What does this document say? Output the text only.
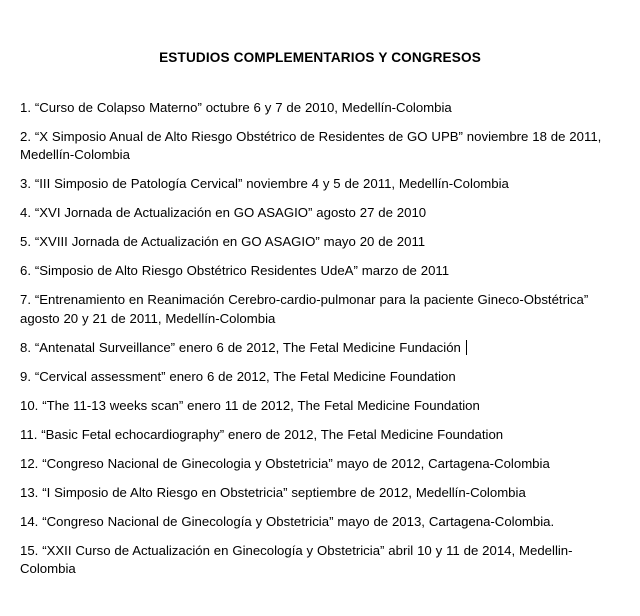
ESTUDIOS COMPLEMENTARIOS Y CONGRESOS

1. “Curso de Colapso Materno” octubre 6 y 7 de 2010, Medellín-Colombia

2. “X Simposio Anual de Alto Riesgo Obstétrico de Residentes de GO UPB” noviembre 18 de 2011, Medellín-Colombia

3. “III Simposio de Patología Cervical” noviembre 4 y 5 de 2011, Medellín-Colombia

4. “XVI Jornada de Actualización en GO ASAGIO” agosto 27 de 2010

5. “XVIII Jornada de Actualización en GO ASAGIO” mayo 20 de 2011

6. “Simposio de Alto Riesgo Obstétrico Residentes UdeA” marzo de 2011

7. “Entrenamiento en Reanimación Cerebro-cardio-pulmonar para la paciente Gineco-Obstétrica” agosto 20 y 21 de 2011, Medellín-Colombia

8. “Antenatal Surveillance” enero 6 de 2012, The Fetal Medicine Fundación

9. “Cervical assessment” enero 6 de 2012, The Fetal Medicine Foundation

10. “The 11-13 weeks scan” enero 11 de 2012, The Fetal Medicine Foundation

11. “Basic Fetal echocardiography” enero de 2012, The Fetal Medicine Foundation

12. “Congreso Nacional de Ginecologia y Obstetricia” mayo de 2012, Cartagena-Colombia

13. “I Simposio de Alto Riesgo en Obstetricia” septiembre de 2012, Medellín-Colombia

14. “Congreso Nacional de Ginecología y Obstetricia” mayo de 2013, Cartagena-Colombia.

15. “XXII Curso de Actualización en Ginecología y Obstetricia” abril 10 y 11 de 2014, Medellin-Colombia
